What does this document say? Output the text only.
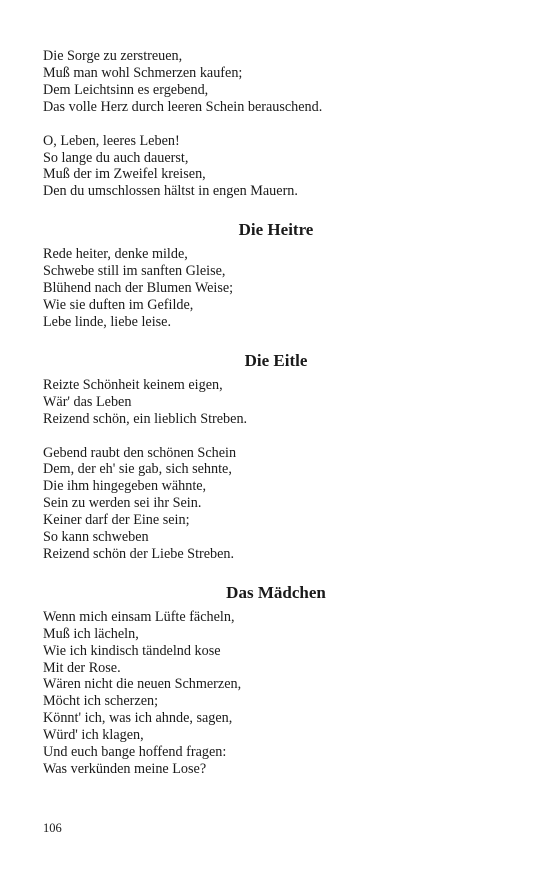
Die Sorge zu zerstreuen,
Muß man wohl Schmerzen kaufen;
Dem Leichtsinn es ergebend,
Das volle Herz durch leeren Schein berauschend.
O, Leben, leeres Leben!
So lange du auch dauerst,
Muß der im Zweifel kreisen,
Den du umschlossen hältst in engen Mauern.
Die Heitre
Rede heiter, denke milde,
Schwebe still im sanften Gleise,
Blühend nach der Blumen Weise;
Wie sie duften im Gefilde,
Lebe linde, liebe leise.
Die Eitle
Reizte Schönheit keinem eigen,
Wär' das Leben
Reizend schön, ein lieblich Streben.
Gebend raubt den schönen Schein
Dem, der eh' sie gab, sich sehnte,
Die ihm hingegeben wähnte,
Sein zu werden sei ihr Sein.
Keiner darf der Eine sein;
So kann schweben
Reizend schön der Liebe Streben.
Das Mädchen
Wenn mich einsam Lüfte fächeln,
Muß ich lächeln,
Wie ich kindisch tändelnd kose
Mit der Rose.
Wären nicht die neuen Schmerzen,
Möcht ich scherzen;
Könnt' ich, was ich ahnde, sagen,
Würd' ich klagen,
Und euch bange hoffend fragen:
Was verkünden meine Lose?
106
